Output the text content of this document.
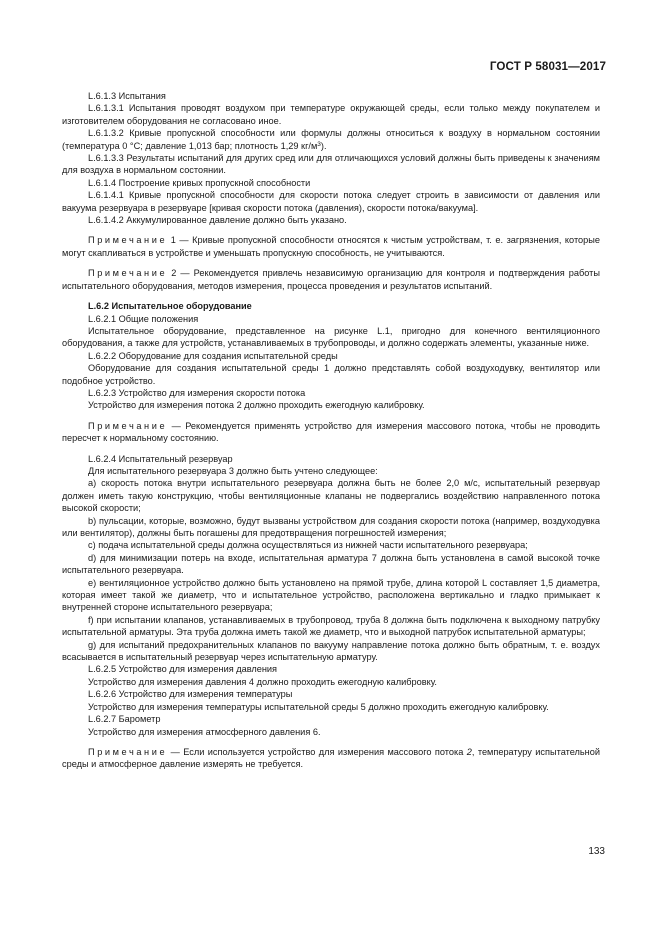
ГОСТ Р 58031—2017

L.6.1.3 Испытания

L.6.1.3.1 Испытания проводят воздухом при температуре окружающей среды, если только между покупателем и изготовителем оборудования не согласовано иное.

L.6.1.3.2 Кривые пропускной способности или формулы должны относиться к воздуху в нормальном состоянии (температура 0 °C; давление 1,013 бар; плотность 1,29 $кг/м^3$).

L.6.1.3.3 Результаты испытаний для других сред или для отличающихся условий должны быть приведены к значениям для воздуха в нормальном состоянии.

L.6.1.4 Построение кривых пропускной способности

L.6.1.4.1 Кривые пропускной способности для скорости потока следует строить в зависимости от давления или вакуума резервуара в резервуаре [кривая скорости потока (давления), скорости потока/вакуума].

L.6.1.4.2 Аккумулированное давление должно быть указано.

Примечание 1 — Кривые пропускной способности относятся к чистым устройствам, т. е. загрязнения, которые могут скапливаться в устройстве и уменьшать пропускную способность, не учитываются.

Примечание 2 — Рекомендуется привлечь независимую организацию для контроля и подтверждения работы испытательного оборудования, методов измерения, процесса проведения и результатов испытаний.

L.6.2 Испытательное оборудование

L.6.2.1 Общие положения

Испытательное оборудование, представленное на рисунке L.1, пригодно для конечного вентиляционного оборудования, а также для устройств, устанавливаемых в трубопроводы, и должно содержать элементы, указанные ниже.

L.6.2.2 Оборудование для создания испытательной среды

Оборудование для создания испытательной среды 1 должно представлять собой воздуходувку, вентилятор или подобное устройство.

L.6.2.3 Устройство для измерения скорости потока

Устройство для измерения потока 2 должно проходить ежегодную калибровку.

Примечание — Рекомендуется применять устройство для измерения массового потока, чтобы не проводить пересчет к нормальному состоянию.

L.6.2.4 Испытательный резервуар

Для испытательного резервуара 3 должно быть учтено следующее:

a) скорость потока внутри испытательного резервуара должна быть не более 2,0 м/с, испытательный резервуар должен иметь такую конструкцию, чтобы вентиляционные клапаны не подвергались воздействию направленного потока высокой скорости;

b) пульсации, которые, возможно, будут вызваны устройством для создания скорости потока (например, воздуходувка или вентилятор), должны быть погашены для предотвращения погрешностей измерения;

c) подача испытательной среды должна осуществляться из нижней части испытательного резервуара;

d) для минимизации потерь на входе, испытательная арматура 7 должна быть установлена в самой высокой точке испытательного резервуара.

e) вентиляционное устройство должно быть установлено на прямой трубе, длина которой L составляет 1,5 диаметра, которая имеет такой же диаметр, что и испытательное устройство, расположена вертикально и гладко примыкает к внутренней стороне испытательного резервуара;

f) при испытании клапанов, устанавливаемых в трубопровод, труба 8 должна быть подключена к выходному патрубку испытательной арматуры. Эта труба должна иметь такой же диаметр, что и выходной патрубок испытательной арматуры;

g) для испытаний предохранительных клапанов по вакууму направление потока должно быть обратным, т. е. воздух всасывается в испытательный резервуар через испытательную арматуру.

L.6.2.5 Устройство для измерения давления

Устройство для измерения давления 4 должно проходить ежегодную калибровку.

L.6.2.6 Устройство для измерения температуры

Устройство для измерения температуры испытательной среды 5 должно проходить ежегодную калибровку.

L.6.2.7 Барометр

Устройство для измерения атмосферного давления 6.

Примечание — Если используется устройство для измерения массового потока 2, температуру испытательной среды и атмосферное давление измерять не требуется.

133
